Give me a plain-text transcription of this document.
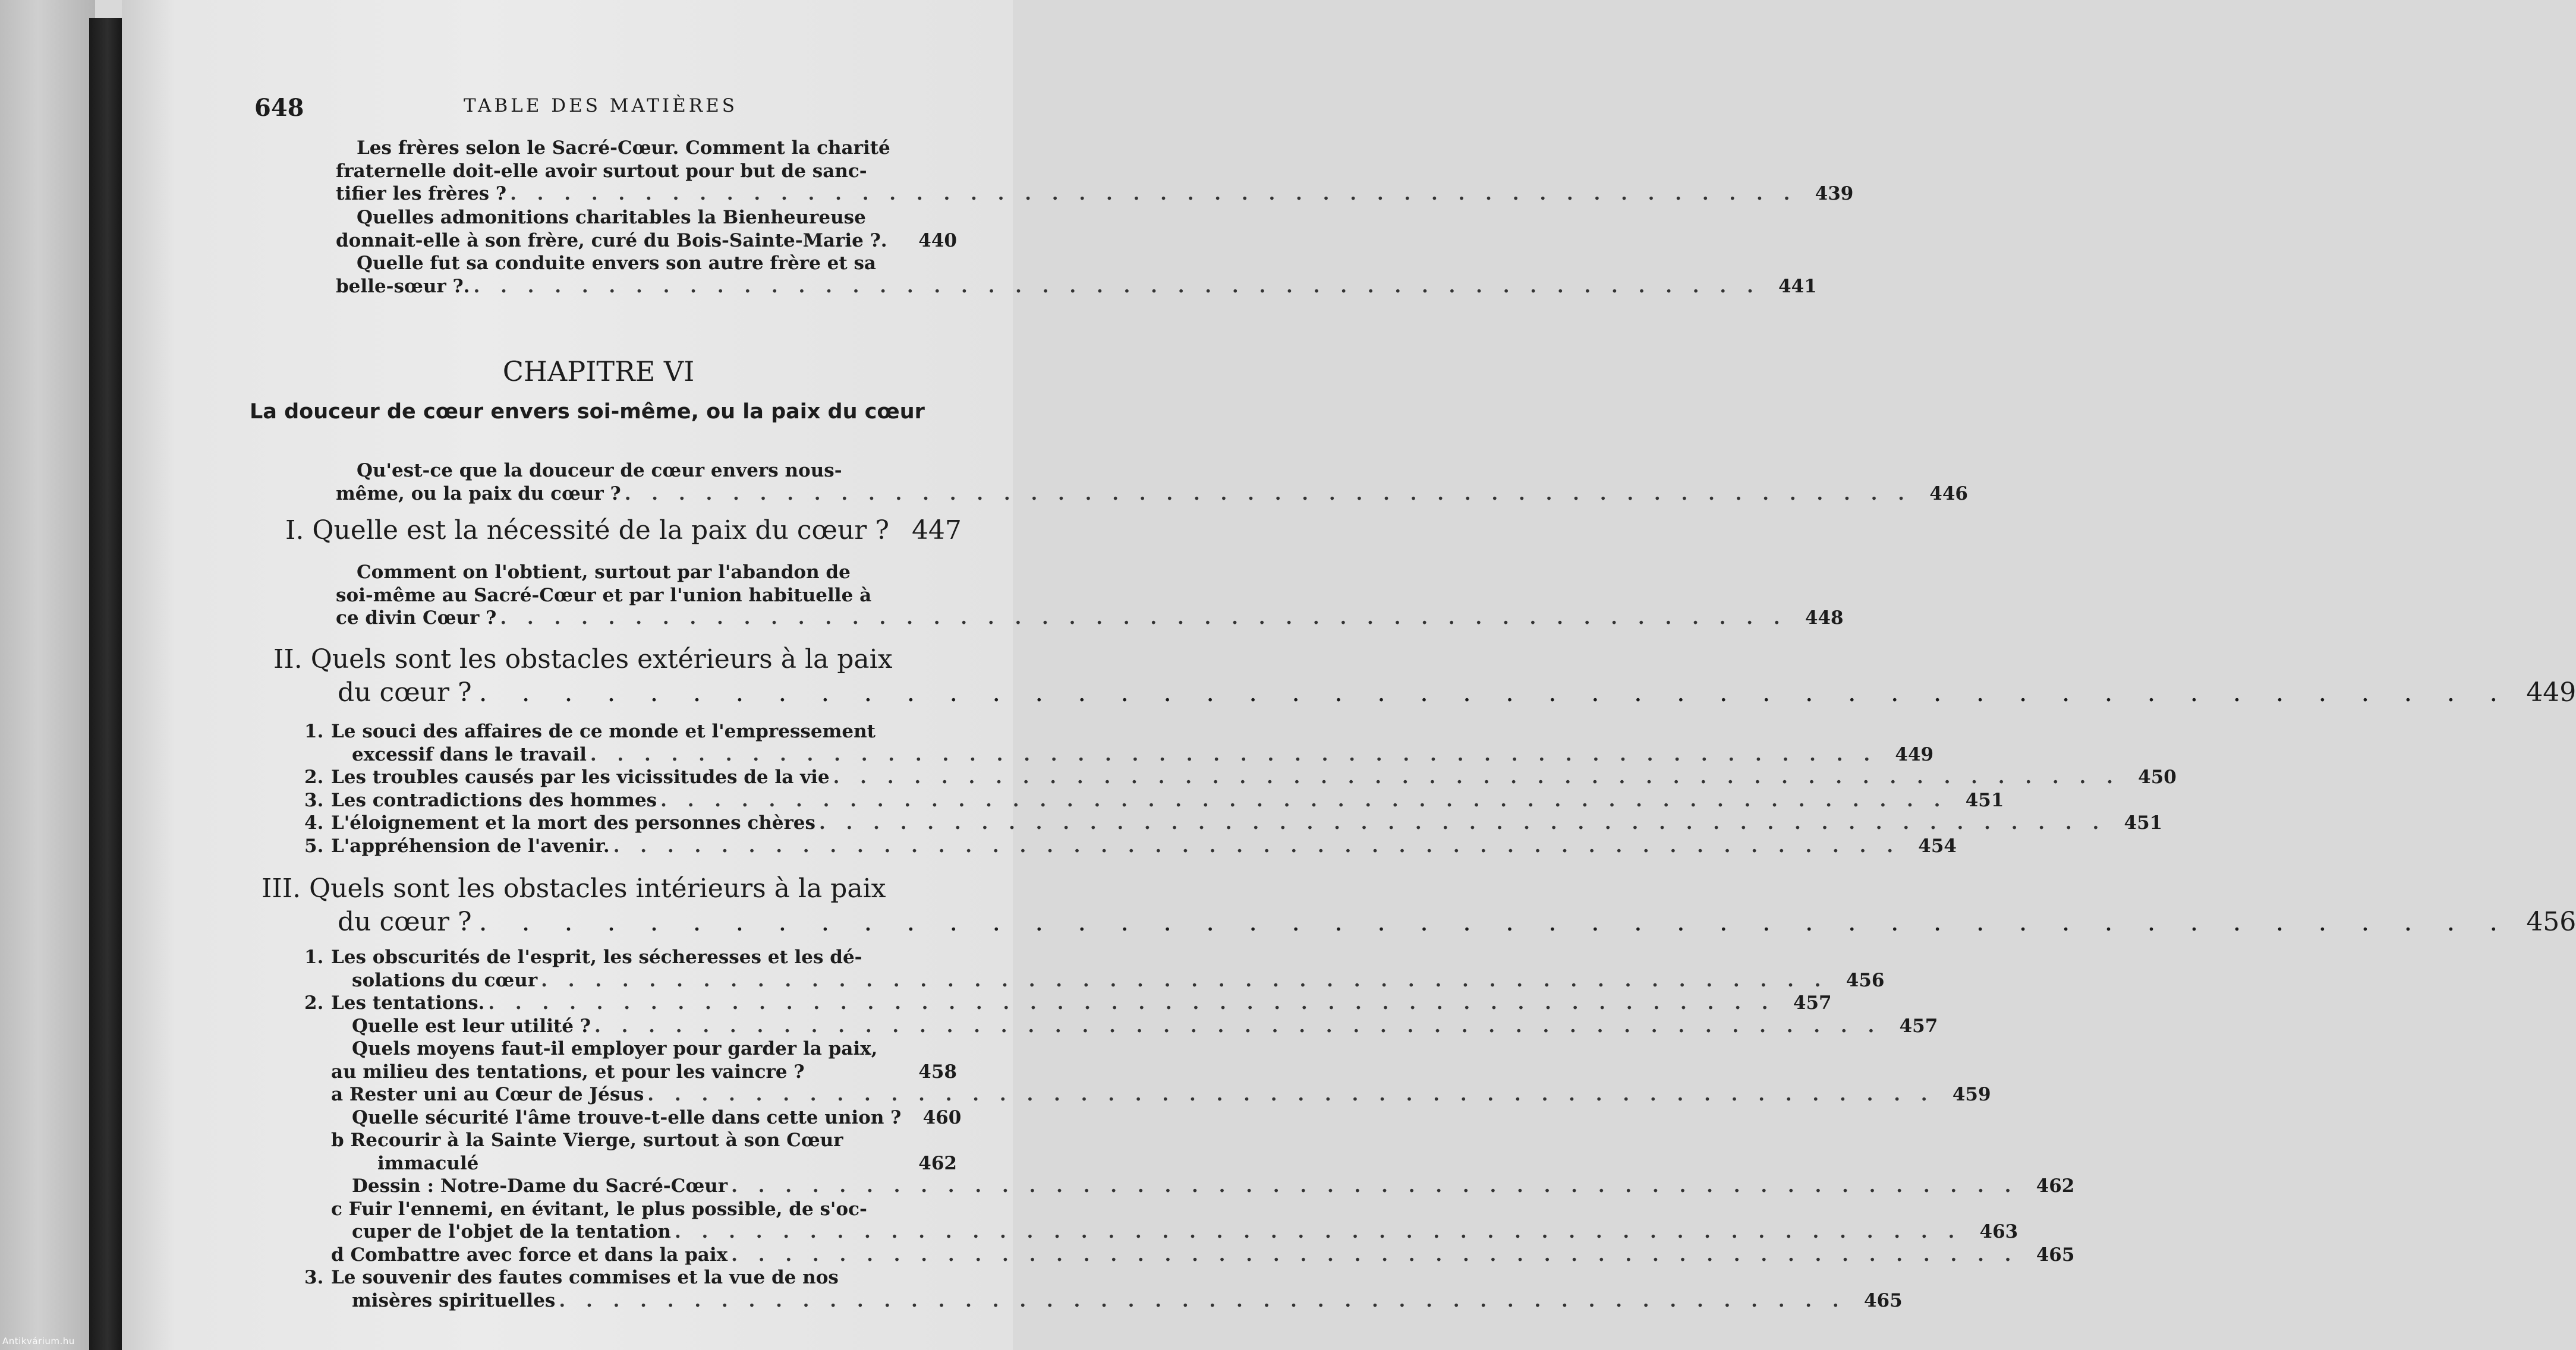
Antikvárium.hu
648	TABLE DES MATIÈRES
Les frères selon le Sacré-Cœur. Comment la charité
fraternelle doit-elle avoir surtout pour but de sanc-
tifier les frères ? . . . . . . . . . . . . . . . . . . . . . . . . . . . . . . . . . . . . . . . . . . . . . . . . 439
Quelles admonitions charitables la Bienheureuse
donnait-elle à son frère, curé du Bois-Sainte-Marie ?.	440
Quelle fut sa conduite envers son autre frère et sa
belle-sœur ?. . . . . . . . . . . . . . . . . . . . . . . . . . . . . . . . . . . . . . . . . . . . . . . . . 441
CHAPITRE VI
La douceur de cœur envers soi-même, ou la paix du cœur
Qu'est-ce que la douceur de cœur envers nous-
même, ou la paix du cœur ? . . . . . . . . . . . . . . . . . . . . . . . . . . . . . . . . . . . . . . . . . . . . . . . . 446
I.
Quelle est la nécessité de la paix du cœur ? 447
Comment on l'obtient, surtout par l'abandon de
soi-même au Sacré-Cœur et par l'union habituelle à
ce divin Cœur ? . . . . . . . . . . . . . . . . . . . . . . . . . . . . . . . . . . . . . . . . . . . . . . . . 448
II.
Quels sont les obstacles extérieurs à la paix
du cœur ? . . . . . . . . . . . . . . . . . . . . . . . . . . . . . . . . . . . . . . . . . . . . . . . . 449
1. Le souci des affaires de ce monde et l'empressement
excessif dans le travail . . . . . . . . . . . . . . . . . . . . . . . . . . . . . . . . . . . . . . . . . . . . . . . . 449
2. Les troubles causés par les vicissitudes de la vie . . . . . . . . . . . . . . . . . . . . . . . . . . . . . . . . . . . . . . . . . . . . . . . . 450
3. Les contradictions des hommes . . . . . . . . . . . . . . . . . . . . . . . . . . . . . . . . . . . . . . . . . . . . . . . . 451
4. L'éloignement et la mort des personnes chères . . . . . . . . . . . . . . . . . . . . . . . . . . . . . . . . . . . . . . . . . . . . . . . . 451
5. L'appréhension de l'avenir. . . . . . . . . . . . . . . . . . . . . . . . . . . . . . . . . . . . . . . . . . . . . . . . . 454
III.
Quels sont les obstacles intérieurs à la paix
du cœur ? . . . . . . . . . . . . . . . . . . . . . . . . . . . . . . . . . . . . . . . . . . . . . . . . 456
1. Les obscurités de l'esprit, les sécheresses et les dé-
solations du cœur . . . . . . . . . . . . . . . . . . . . . . . . . . . . . . . . . . . . . . . . . . . . . . . . 456
2. Les tentations. . . . . . . . . . . . . . . . . . . . . . . . . . . . . . . . . . . . . . . . . . . . . . . . . 457
Quelle est leur utilité ? . . . . . . . . . . . . . . . . . . . . . . . . . . . . . . . . . . . . . . . . . . . . . . . . 457
Quels moyens faut-il employer pour garder la paix,
au milieu des tentations, et pour les vaincre ?	458
a Rester uni au Cœur de Jésus . . . . . . . . . . . . . . . . . . . . . . . . . . . . . . . . . . . . . . . . . . . . . . . . 459
Quelle sécurité l'âme trouve-t-elle dans cette union ?	460
b Recourir à la Sainte Vierge, surtout à son Cœur
immaculé	462
Dessin : Notre-Dame du Sacré-Cœur . . . . . . . . . . . . . . . . . . . . . . . . . . . . . . . . . . . . . . . . . . . . . . . . 462
c Fuir l'ennemi, en évitant, le plus possible, de s'oc-
cuper de l'objet de la tentation . . . . . . . . . . . . . . . . . . . . . . . . . . . . . . . . . . . . . . . . . . . . . . . . 463
d Combattre avec force et dans la paix . . . . . . . . . . . . . . . . . . . . . . . . . . . . . . . . . . . . . . . . . . . . . . . . 465
3. Le souvenir des fautes commises et la vue de nos
misères spirituelles . . . . . . . . . . . . . . . . . . . . . . . . . . . . . . . . . . . . . . . . . . . . . . . . 465
